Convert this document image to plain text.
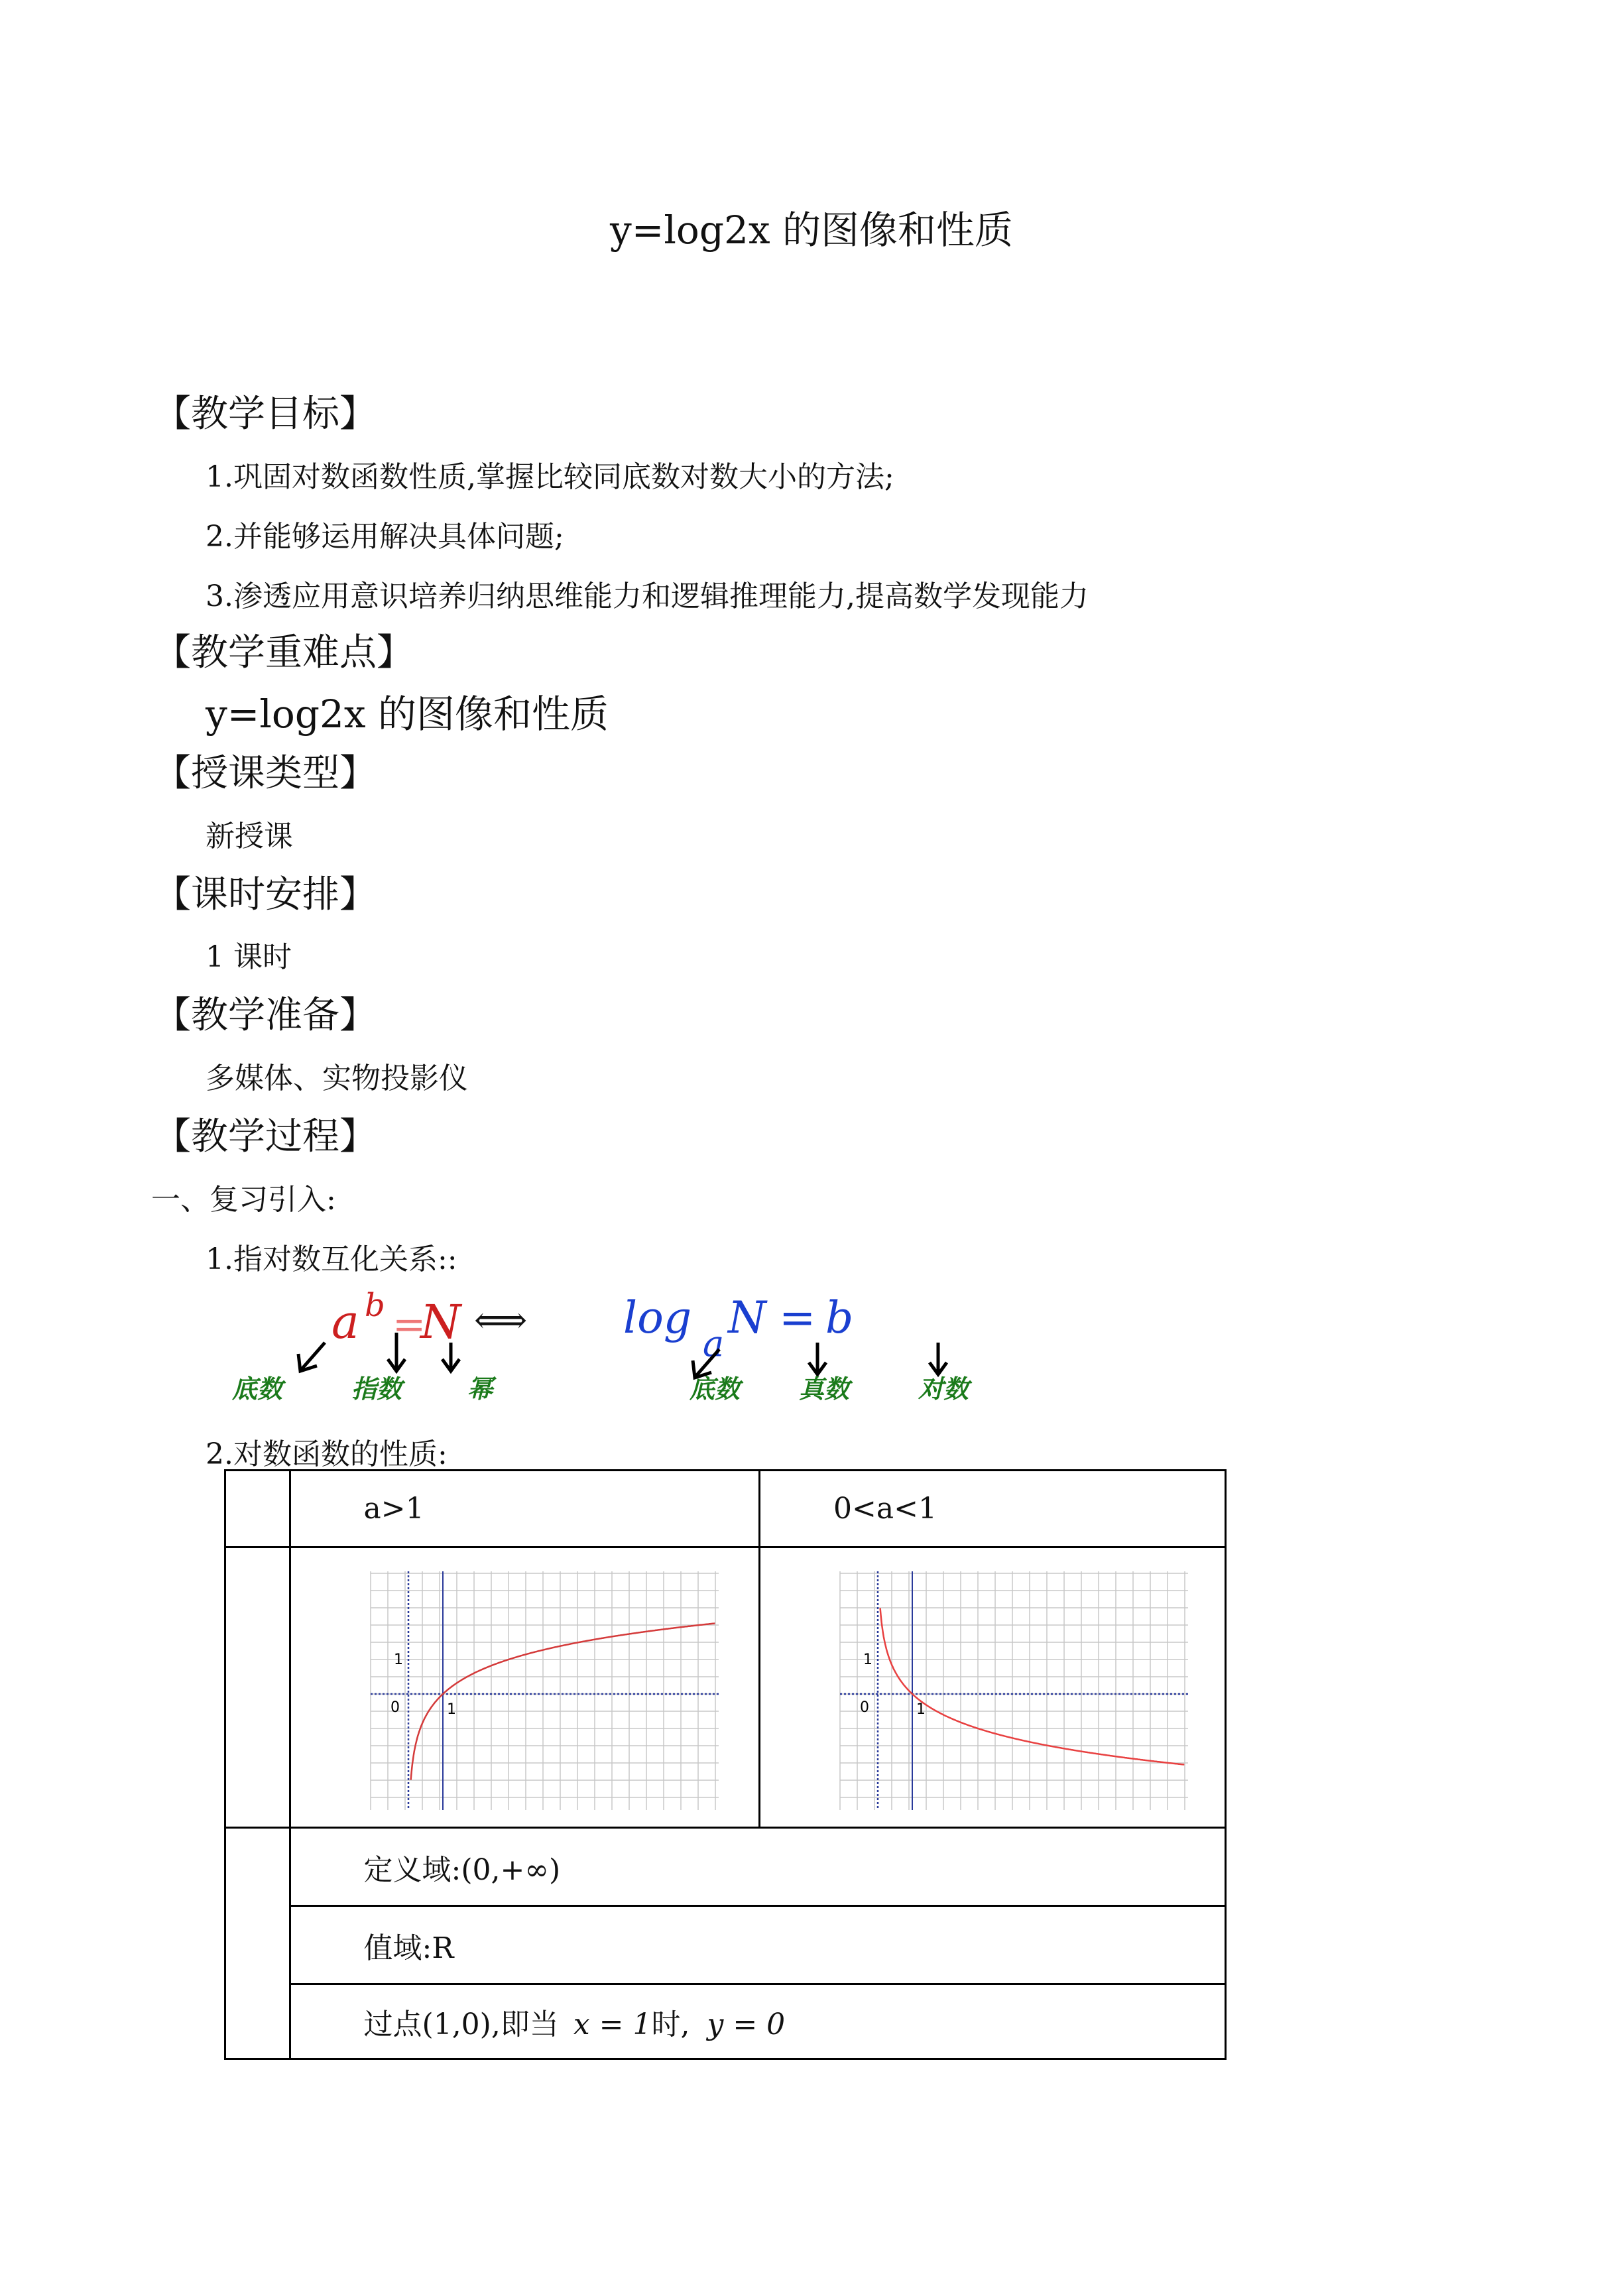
y=log2x 的图像和性质
【教学目标】
1.巩固对数函数性质,掌握比较同底数对数大小的方法;
2.并能够运用解决具体问题;
3.渗透应用意识培养归纳思维能力和逻辑推理能力,提高数学发现能力
【教学重难点】
y=log2x 的图像和性质
【授课类型】
新授课
【课时安排】
1 课时
【教学准备】
多媒体、实物投影仪
【教学过程】
一、复习引入:
1.指对数互化关系::
a b =
N ⟺ log
a
N = b
底数	指数	幂	底数 真数	对数
2.对数函数的性质:
	a>1	0<a<1

0 1
1	0 1
1

	定义域:(0,+∞)	
	值域:R	
	过点(1,0),即当 x = 1时, y = 0	
